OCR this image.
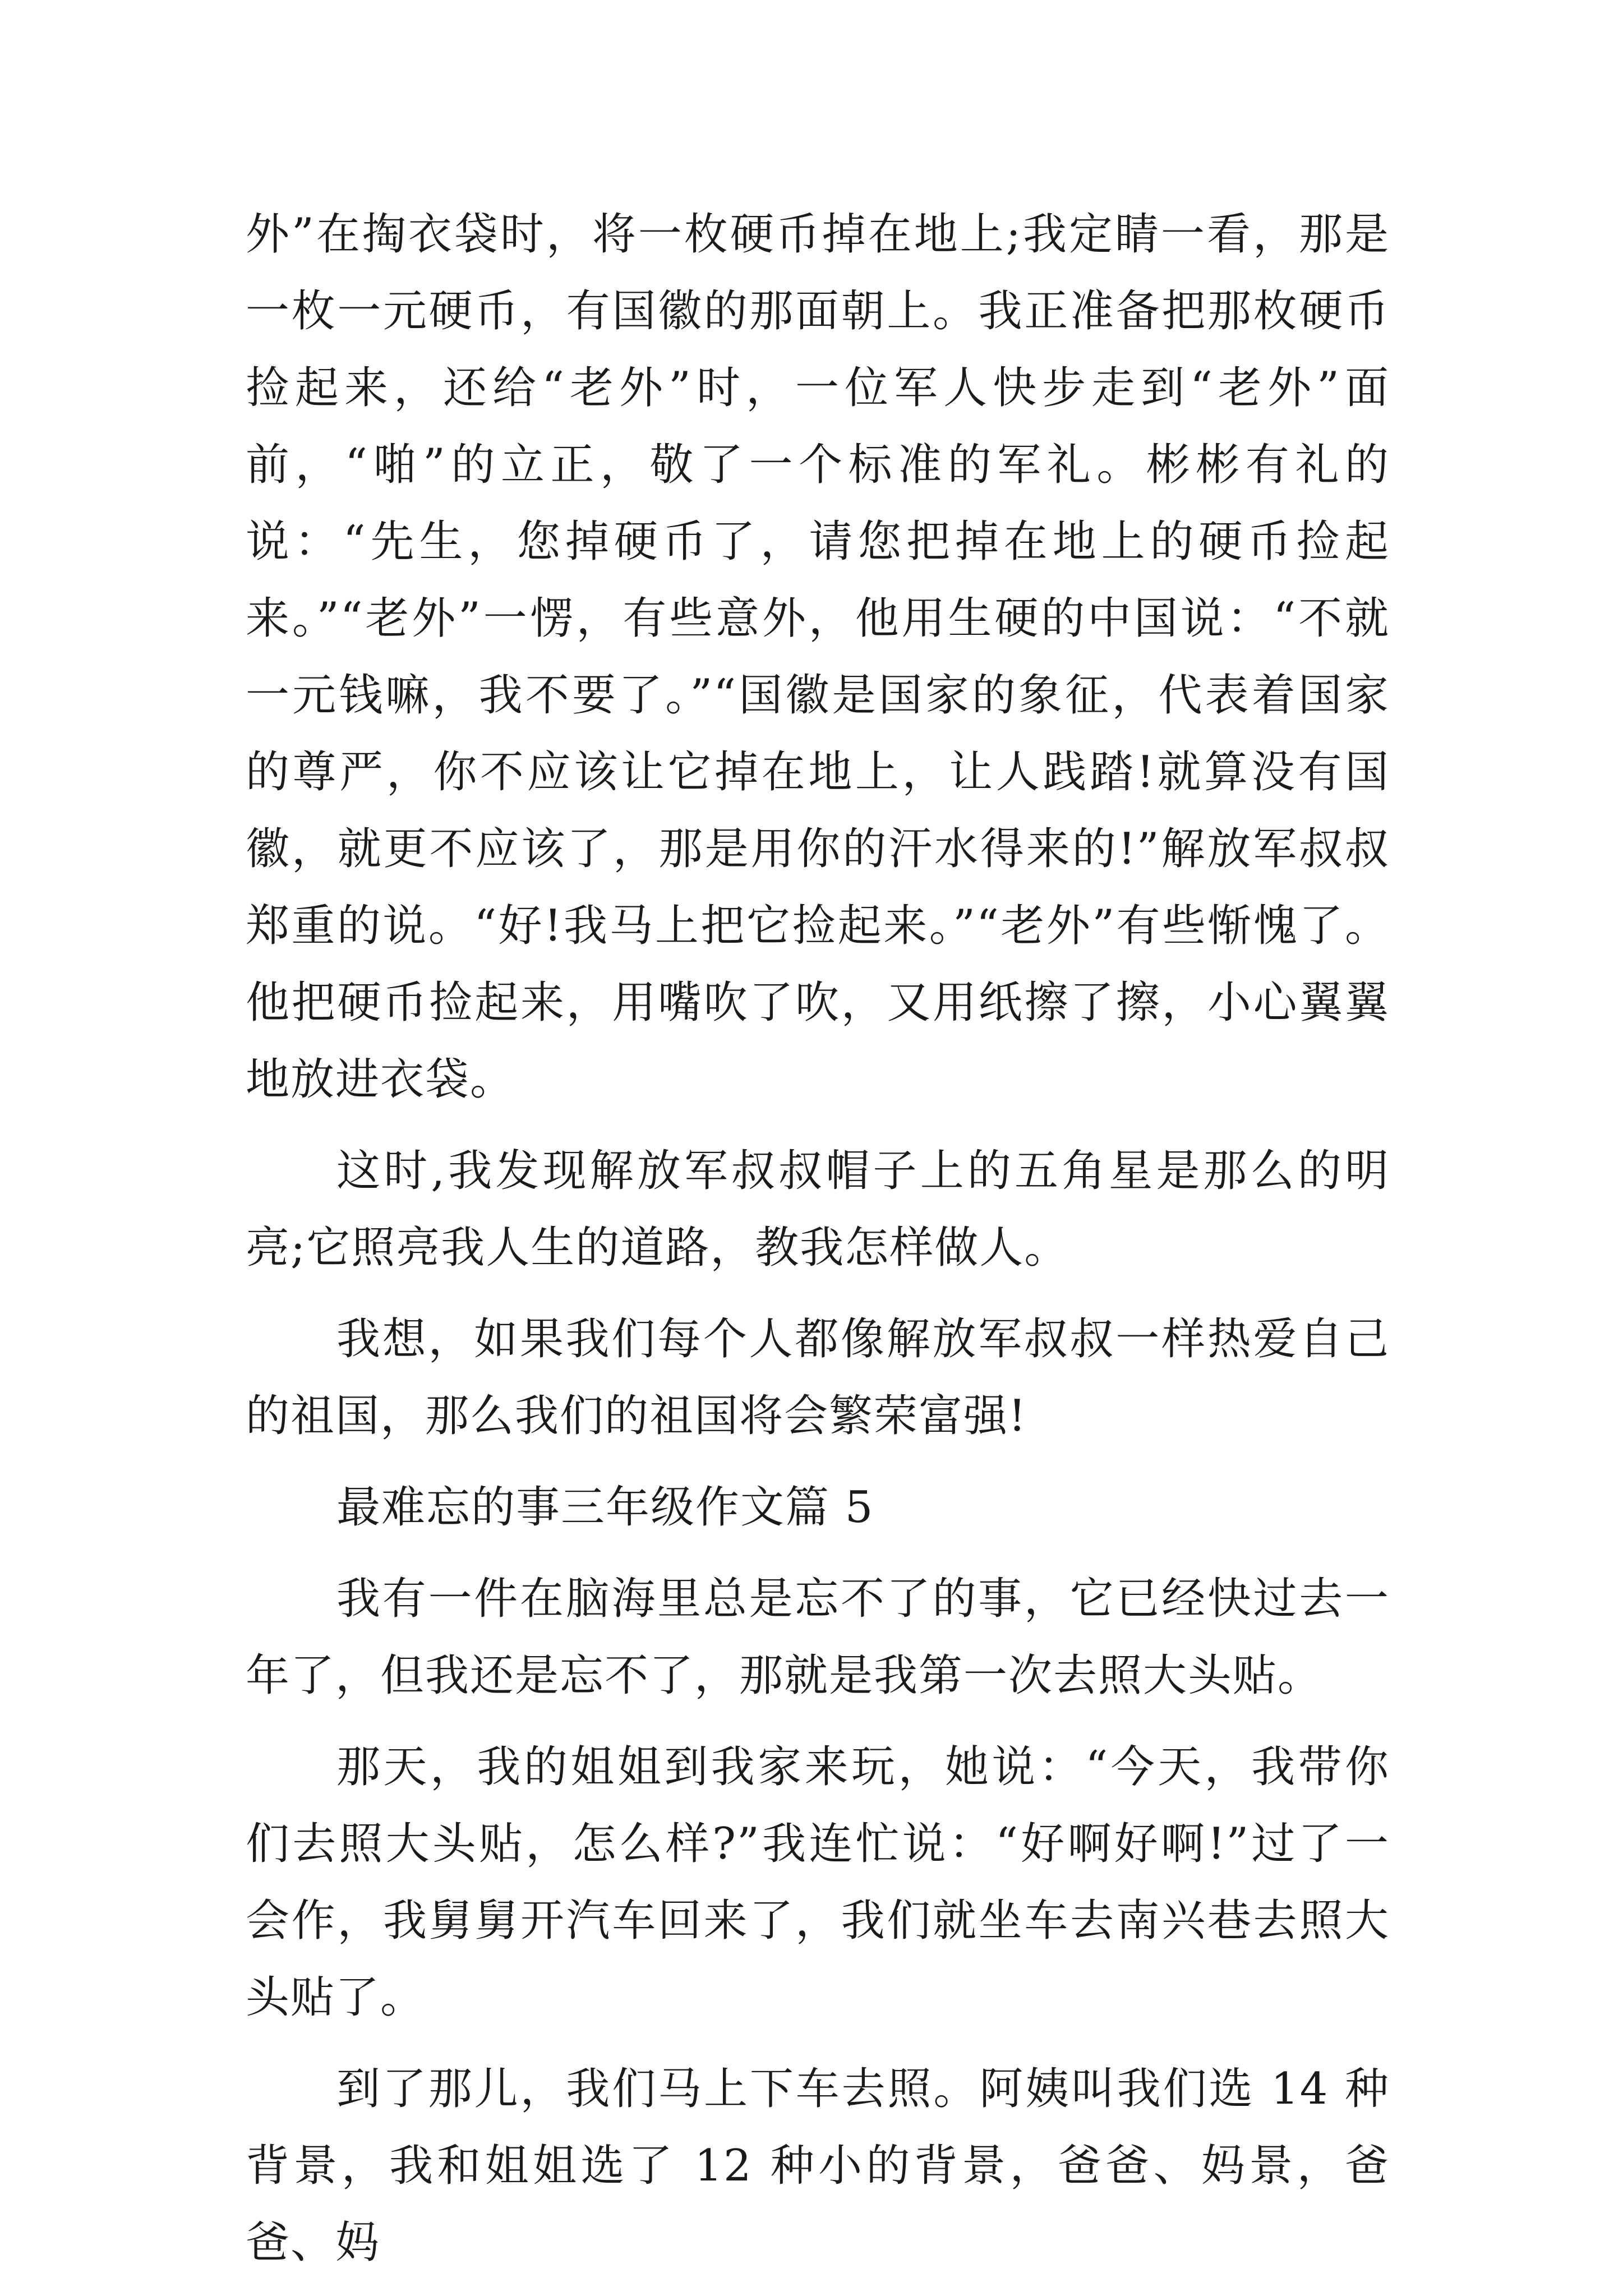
外”在掏衣袋时，将一枚硬币掉在地上;我定睛一看，那是一枚一元硬币，有国徽的那面朝上。我正准备把那枚硬币捡起来，还给“老外”时，一位军人快步走到“老外”面前，“啪”的立正，敬了一个标准的军礼。彬彬有礼的说：“先生，您掉硬币了，请您把掉在地上的硬币捡起来。”“老外”一愣，有些意外，他用生硬的中国说：“不就一元钱嘛，我不要了。”“国徽是国家的象征，代表着国家的尊严，你不应该让它掉在地上，让人践踏!就算没有国徽，就更不应该了，那是用你的汗水得来的!”解放军叔叔郑重的说。“好!我马上把它捡起来。”“老外”有些惭愧了。他把硬币捡起来，用嘴吹了吹，又用纸擦了擦，小心翼翼地放进衣袋。

这时,我发现解放军叔叔帽子上的五角星是那么的明亮;它照亮我人生的道路，教我怎样做人。

我想，如果我们每个人都像解放军叔叔一样热爱自己的祖国，那么我们的祖国将会繁荣富强!

最难忘的事三年级作文篇 5

我有一件在脑海里总是忘不了的事，它已经快过去一年了，但我还是忘不了，那就是我第一次去照大头贴。

那天，我的姐姐到我家来玩，她说：“今天，我带你们去照大头贴，怎么样?”我连忙说：“好啊好啊!”过了一会作，我舅舅开汽车回来了，我们就坐车去南兴巷去照大头贴了。

到了那儿，我们马上下车去照。阿姨叫我们选 14 种背景，我和姐姐选了 12 种小的背景，爸爸、妈景，爸爸、妈
